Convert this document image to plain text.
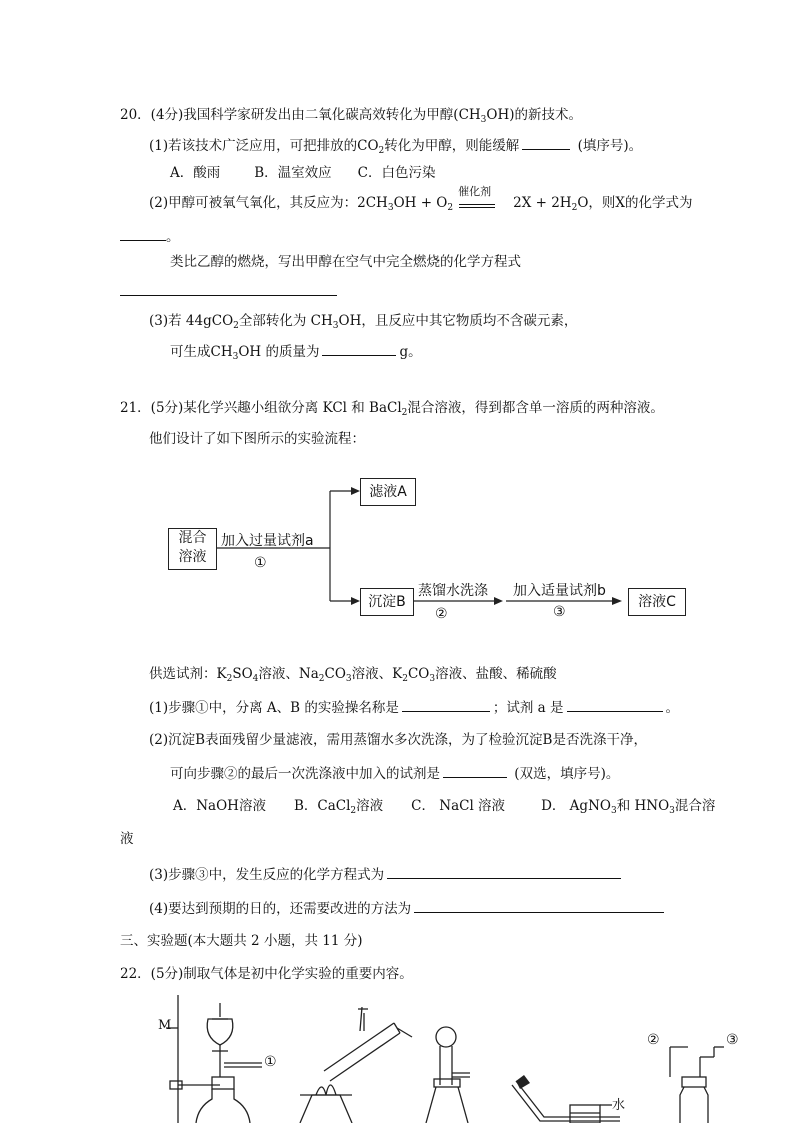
20．(4分)我国科学家研发出由二氧化碳高效转化为甲醇$(CH_3OH)$的新技术。
(1)若该技术广泛应用，可把排放的$CO_2$转化为甲醇，则能缓解	(填序号)。
A．酸雨	B．温室效应 C．白色污染
(2)甲醇可被氧气氧化，其反应为：$2CH_3OH + O_2$
催化剂
$2X + 2H_2O$，则X的化学式为
。
类比乙醇的燃烧，写出甲醇在空气中完全燃烧的化学方程式
(3)若 44gCO$_2$全部转化为 $CH_3OH$，且反应中其它物质均不含碳元素，
可生成$CH_3OH$ 的质量为	g。
21．(5分)某化学兴趣小组欲分离 KCl 和 BaCl$_2$混合溶液，得到都含单一溶质的两种溶液。
他们设计了如下图所示的实验流程：
混合
溶液
滤液A
沉淀B	溶液C
加入过量试剂a
①
蒸馏水洗涤
②
加入适量试剂b
③
供选试剂：$K_2SO_4$溶液、$Na_2CO_3$溶液、$K_2CO_3$溶液、盐酸、稀硫酸
(1)步骤①中，分离 A、B 的实验操名称是	；试剂 a 是	。
(2)沉淀B表面残留少量滤液，需用蒸馏水多次洗涤，为了检验沉淀B是否洗涤干净，
可向步骤②的最后一次洗涤液中加入的试剂是	(双选，填序号)。
A．NaOH溶液 B．CaCl$_2$溶液 C． NaCl 溶液	D． AgNO$_3$和 $HNO_3$混合溶
液
(3)步骤③中，发生反应的化学方程式为
(4)要达到预期的日的，还需要改进的方法为
三、实验题(本大题共 2 小题，共 11 分)
22．(5分)制取气体是初中化学实验的重要内容。
M
①
②	③
水
